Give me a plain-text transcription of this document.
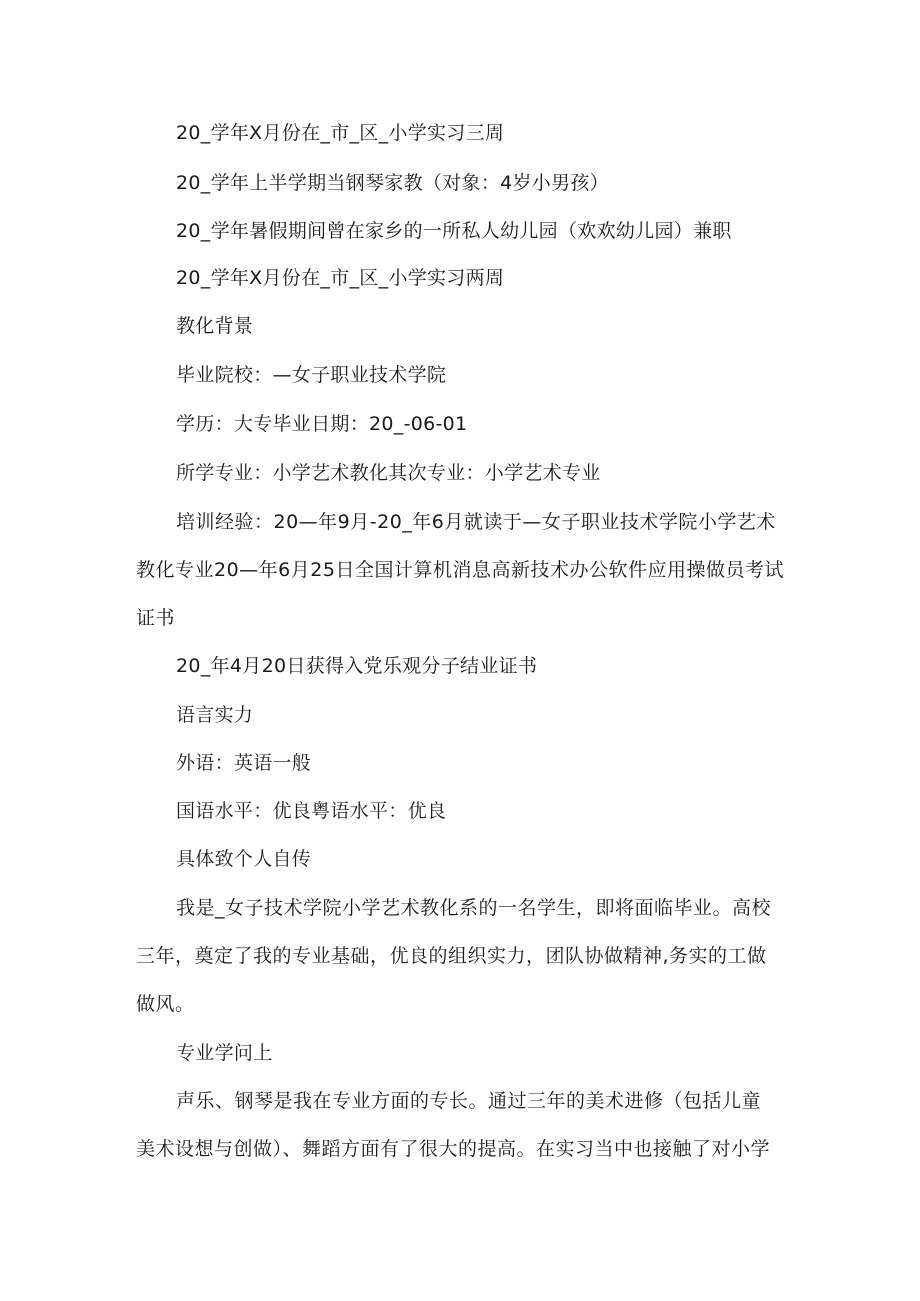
20_学年X月份在_市_区_小学实习三周
20_学年上半学期当钢琴家教（对象：4岁小男孩）
20_学年暑假期间曾在家乡的一所私人幼儿园（欢欢幼儿园）兼职
20_学年X月份在_市_区_小学实习两周
教化背景
毕业院校：—女子职业技术学院
学历：大专毕业日期：20_-06-01
所学专业：小学艺术教化其次专业：小学艺术专业
培训经验：20—年9月-20_年6月就读于—女子职业技术学院小学艺术
教化专业20—年6月25日全国计算机消息高新技术办公软件应用操做员考试
证书
20_年4月20日获得入党乐观分子结业证书
语言实力
外语：英语一般
国语水平：优良粤语水平：优良
具体致个人自传
我是_女子技术学院小学艺术教化系的一名学生，即将面临毕业。高校
三年，奠定了我的专业基础，优良的组织实力，团队协做精神,务实的工做
做风。
专业学问上
声乐、钢琴是我在专业方面的专长。通过三年的美术进修（包括儿童
美术设想与创做）、舞蹈方面有了很大的提高。在实习当中也接触了对小学
